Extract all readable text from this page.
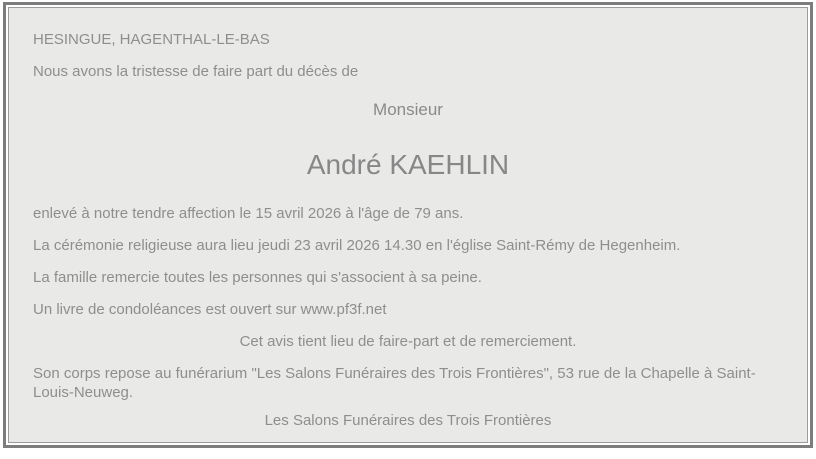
HESINGUE, HAGENTHAL-LE-BAS

Nous avons la tristesse de faire part du décès de

Monsieur

André KAEHLIN

enlevé à notre tendre affection le 15 avril 2026 à l'âge de 79 ans.

La cérémonie religieuse aura lieu jeudi 23 avril 2026 14.30 en l'église Saint-Rémy de Hegenheim.

La famille remercie toutes les personnes qui s'associent à sa peine.

Un livre de condoléances est ouvert sur www.pf3f.net

Cet avis tient lieu de faire-part et de remerciement.

Son corps repose au funérarium "Les Salons Funéraires des Trois Frontières", 53 rue de la Chapelle à Saint-Louis-Neuweg.

Les Salons Funéraires des Trois Frontières
